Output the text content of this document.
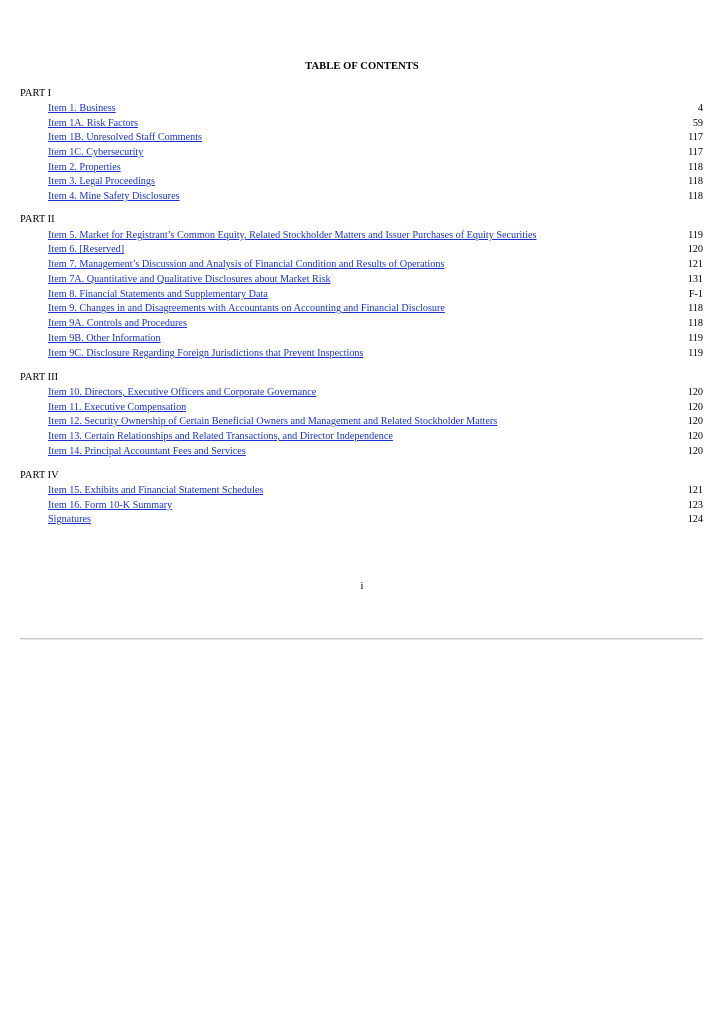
TABLE OF CONTENTS
PART I
Item 1. Business	4
Item 1A. Risk Factors	59
Item 1B. Unresolved Staff Comments	117
Item 1C. Cybersecurity	117
Item 2. Properties	118
Item 3. Legal Proceedings	118
Item 4. Mine Safety Disclosures	118
PART II
Item 5. Market for Registrant’s Common Equity, Related Stockholder Matters and Issuer Purchases of Equity Securities	119
Item 6. [Reserved]	120
Item 7. Management’s Discussion and Analysis of Financial Condition and Results of Operations	121
Item 7A. Quantitative and Qualitative Disclosures about Market Risk	131
Item 8. Financial Statements and Supplementary Data	F-1
Item 9. Changes in and Disagreements with Accountants on Accounting and Financial Disclosure	118
Item 9A. Controls and Procedures	118
Item 9B. Other Information	119
Item 9C. Disclosure Regarding Foreign Jurisdictions that Prevent Inspections	119
PART III
Item 10. Directors, Executive Officers and Corporate Governance	120
Item 11. Executive Compensation	120
Item 12. Security Ownership of Certain Beneficial Owners and Management and Related Stockholder Matters	120
Item 13. Certain Relationships and Related Transactions, and Director Independence	120
Item 14. Principal Accountant Fees and Services	120
PART IV
Item 15. Exhibits and Financial Statement Schedules	121
Item 16. Form 10-K Summary	123
Signatures	124
i
